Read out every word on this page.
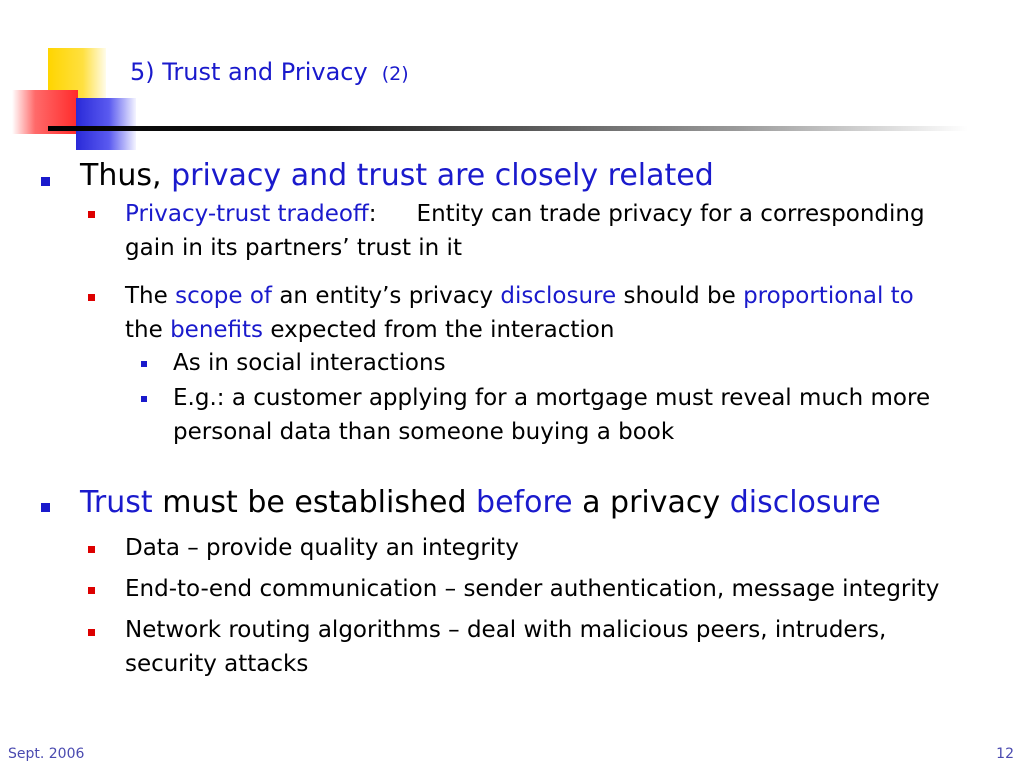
5) Trust and Privacy (2)

Thus, privacy and trust are closely related

Privacy-trust tradeoff: Entity can trade privacy for a corresponding
gain in its partners’ trust in it

The scope of an entity’s privacy disclosure should be proportional to
the benefits expected from the interaction

As in social interactions

E.g.: a customer applying for a mortgage must reveal much more
personal data than someone buying a book

Trust must be established before a privacy disclosure

Data – provide quality an integrity

End-to-end communication – sender authentication, message integrity

Network routing algorithms – deal with malicious peers, intruders,
security attacks

Sept. 2006	12
